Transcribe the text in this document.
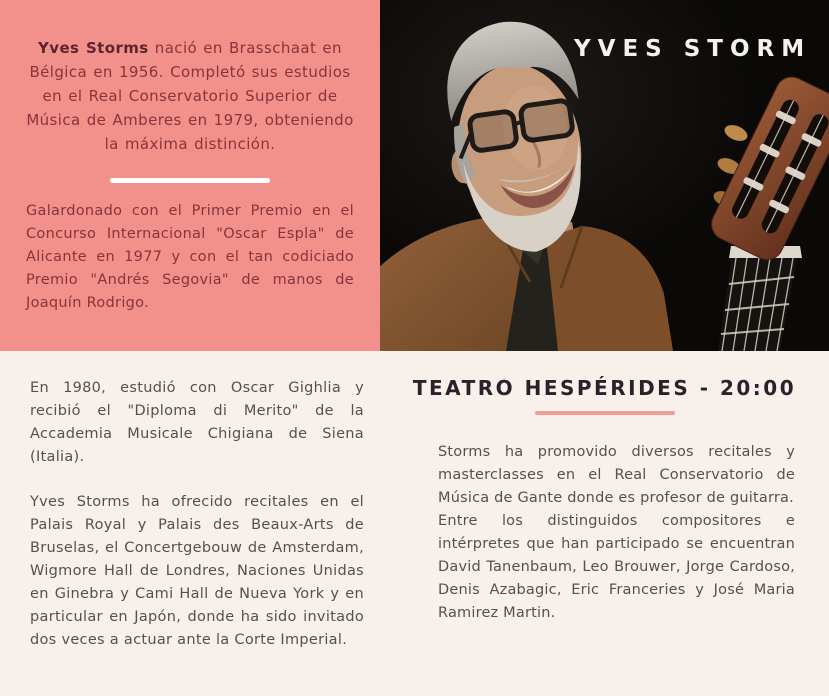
Yves Storms nació en Brasschaat en Bélgica en 1956. Completó sus estudios en el Real Conservatorio Superior de Música de Amberes en 1979, obteniendo la máxima distinción.

Galardonado con el Primer Premio en el Concurso Internacional "Oscar Espla" de Alicante en 1977 y con el tan codiciado Premio "Andrés Segovia" de manos de Joaquín Rodrigo.

YVES STORM

En 1980, estudió con Oscar Gighlia y recibió el "Diploma di Merito" de la Accademia Musicale Chigiana de Siena (Italia).

Yves Storms ha ofrecido recitales en el Palais Royal y Palais des Beaux-Arts de Bruselas, el Concertgebouw de Amsterdam, Wigmore Hall de Londres, Naciones Unidas en Ginebra y Cami Hall de Nueva York y en particular en Japón, donde ha sido invitado dos veces a actuar ante la Corte Imperial.

TEATRO HESPÉRIDES - 20:00

Storms ha promovido diversos recitales y masterclasses en el Real Conservatorio de Música de Gante donde es profesor de guitarra.

Entre los distinguidos compositores e intérpretes que han participado se encuentran David Tanenbaum, Leo Brouwer, Jorge Cardoso, Denis Azabagic, Eric Franceries y José Maria Ramirez Martin.
